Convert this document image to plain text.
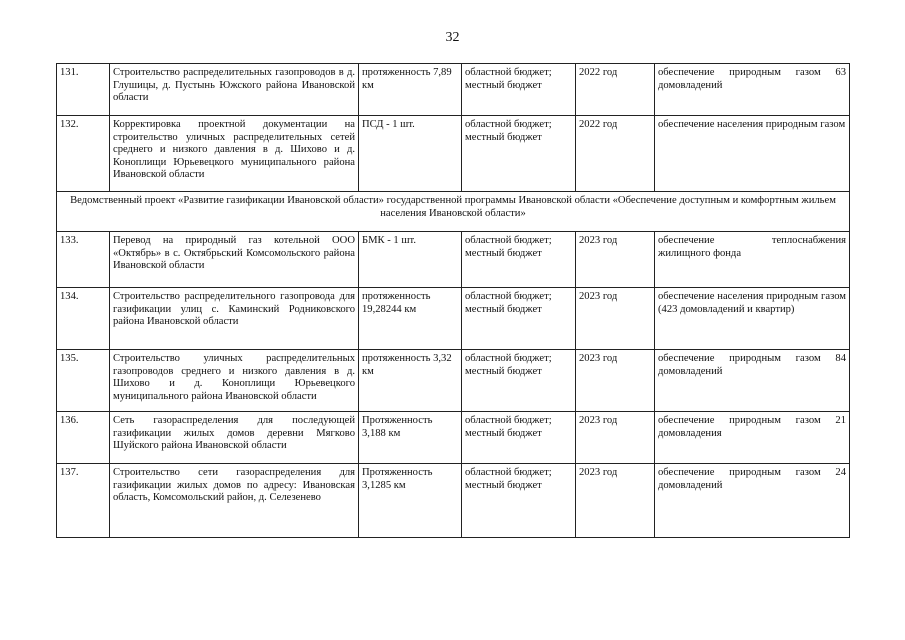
32
131.	Строительство распределительных газопроводов в д. Глушицы, д. Пустынь Южского района Ивановской области	протяженность 7,89 км	областной бюджет; местный бюджет	2022 год	обеспечение природным газом 63 домовладений
132.	Корректировка проектной документации на строительство уличных распределительных сетей среднего и низкого давления в д. Шихово и д. Коноплищи Юрьевецкого муниципального района Ивановской области	ПСД - 1 шт.	областной бюджет; местный бюджет	2022 год	обеспечение населения природным газом
Ведомственный проект «Развитие газификации Ивановской области» государственной программы Ивановской области «Обеспечение доступным и комфортным жильем населения Ивановской области»					
133.	Перевод на природный газ котельной ООО «Октябрь» в с. Октябрьский Комсомольского района Ивановской области	БМК - 1 шт.	областной бюджет; местный бюджет	2023 год	обеспечение теплоснабжения жилищного фонда
134.	Строительство распределительного газопровода для газификации улиц с. Каминский Родниковского района Ивановской области	протяженность 19,28244 км	областной бюджет; местный бюджет	2023 год	обеспечение населения природным газом (423 домовладений и квартир)
135.	Строительство уличных распределительных газопроводов среднего и низкого давления в д. Шихово и д. Коноплищи Юрьевецкого муниципального района Ивановской области	протяженность 3,32 км	областной бюджет; местный бюджет	2023 год	обеспечение природным газом 84 домовладений
136.	Сеть газораспределения для последующей газификации жилых домов деревни Мягково Шуйского района Ивановской области	Протяженность 3,188 км	областной бюджет; местный бюджет	2023 год	обеспечение природным газом 21 домовладения
137.	Строительство сети газораспределения для газификации жилых домов по адресу: Ивановская область, Комсомольский район, д. Селезенево	Протяженность 3,1285 км	областной бюджет; местный бюджет	2023 год	обеспечение природным газом 24 домовладений
